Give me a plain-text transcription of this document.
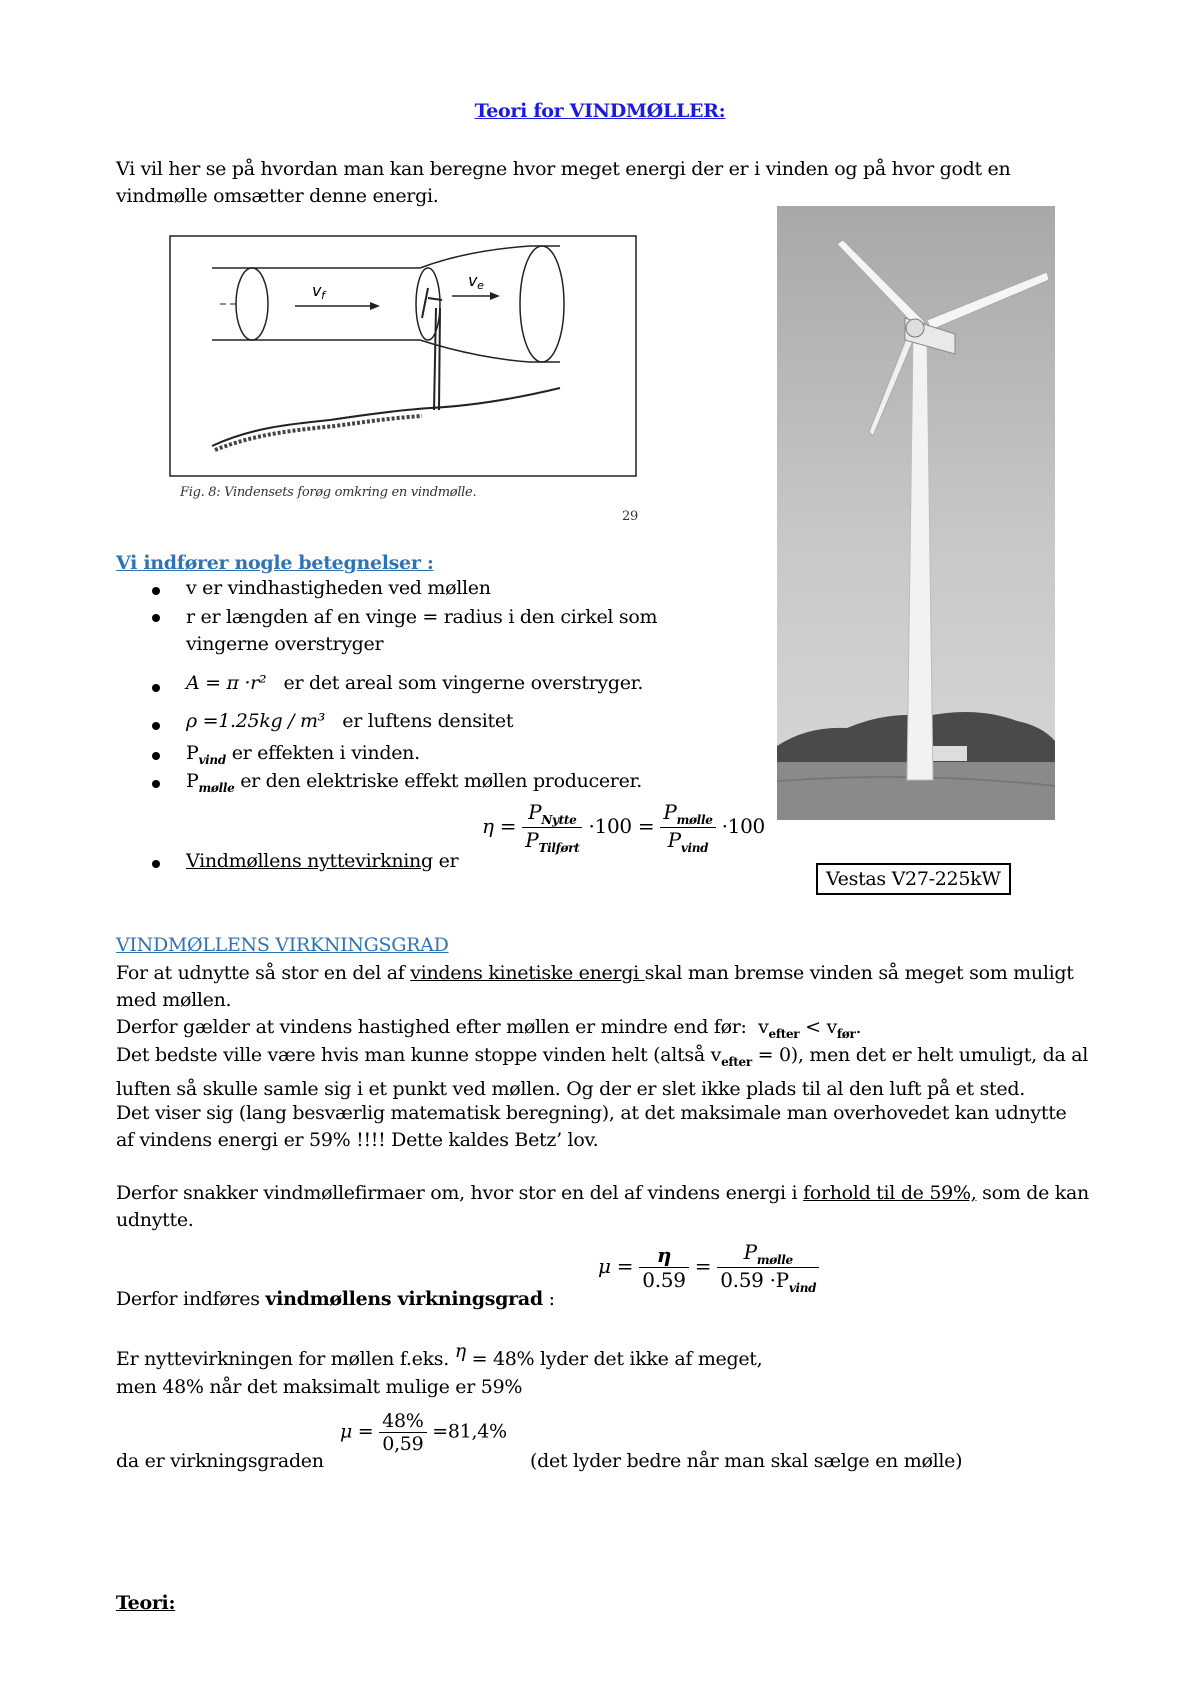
Teori for VINDMØLLER:
Vi vil her se på hvordan man kan beregne hvor meget energi der er i vinden og på hvor godt en vindmølle omsætter denne energi.
vf
ve
Fig. 8: Vindensets forøg omkring en vindmølle.
29
Vestas V27-225kW
Vi indfører nogle betegnelser :
v er vindhastigheden ved møllen
r er længden af en vinge = radius i den cirkel som vingerne overstryger
A = π ·r² er det areal som vingerne overstryger.
ρ =1.25kg / m³ er luftens densitet
$P_{vind}$ er effekten i vinden.
$P_{mølle}$ er den elektriske effekt møllen producerer.
$\eta = \frac{P_{Nytte}}{P_{Tilført}} \cdot 100 = \frac{P_{mølle}}{P_{vind}} \cdot 100$
Vindmøllens nyttevirkning er
VINDMØLLENS VIRKNINGSGRAD
For at udnytte så stor en del af vindens kinetiske energi skal man bremse vinden så meget som muligt med møllen.
Derfor gælder at vindens hastighed efter møllen er mindre end før: $v_{efter} < v_{før}$.
Det bedste ville være hvis man kunne stoppe vinden helt (altså $v_{efter} = 0$), men det er helt umuligt, da al luften så skulle samle sig i et punkt ved møllen. Og der er slet ikke plads til al den luft på et sted.
Det viser sig (lang besværlig matematisk beregning), at det maksimale man overhovedet kan udnytte af vindens energi er 59% !!!! Dette kaldes Betz’ lov.
Derfor snakker vindmøllefirmaer om, hvor stor en del af vindens energi i forhold til de 59%, som de kan udnytte.
$\mu = \frac{\eta}{0.59} = \frac{P_{mølle}}{0.59 \cdot P_{vind}}$
Derfor indføres vindmøllens virkningsgrad :
Er nyttevirkningen for møllen f.eks. η = 48% lyder det ikke af meget,
men 48% når det maksimalt mulige er 59%
$\mu = \frac{48\%}{0,59} =81,4\%$
da er virkningsgraden	(det lyder bedre når man skal sælge en mølle)
Teori:
